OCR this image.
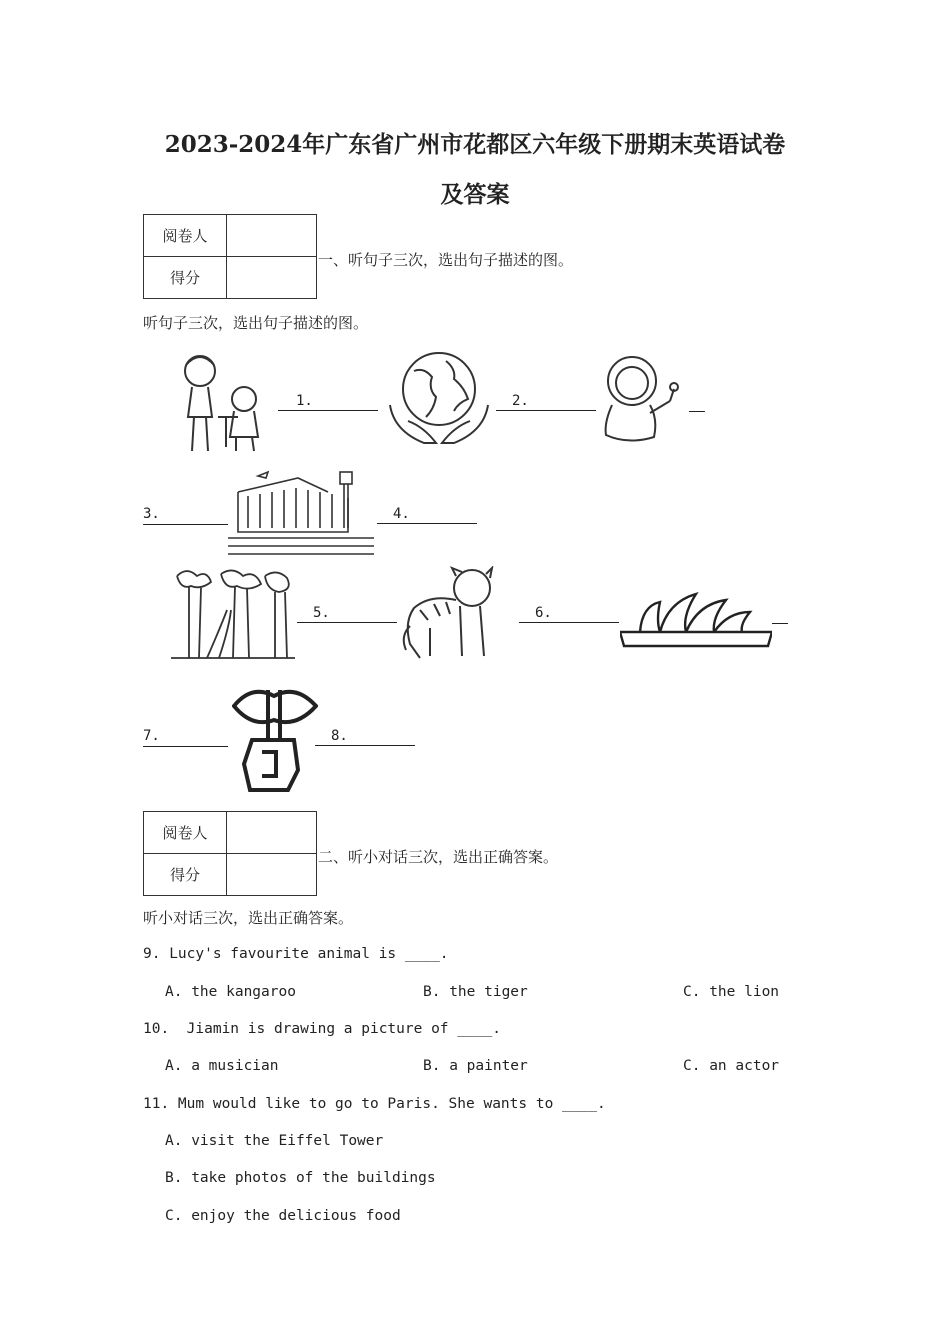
2023-2024年广东省广州市花都区六年级下册期末英语试卷
及答案
阅卷人	
得分	
一、听句子三次，选出句子描述的图。
听句子三次，选出句子描述的图。
1.	2.
3.	4.
5.	6.
7.	8.
阅卷人	
得分	
二、听小对话三次，选出正确答案。
听小对话三次，选出正确答案。
9. Lucy's favourite animal is ____.
A. the kangaroo	B. the tiger	C. the lion
10.  Jiamin is drawing a picture of ____.
A. a musician	B. a painter	C. an actor
11. Mum would like to go to Paris. She wants to ____.
A. visit the Eiffel Tower
B. take photos of the buildings
C. enjoy the delicious food
